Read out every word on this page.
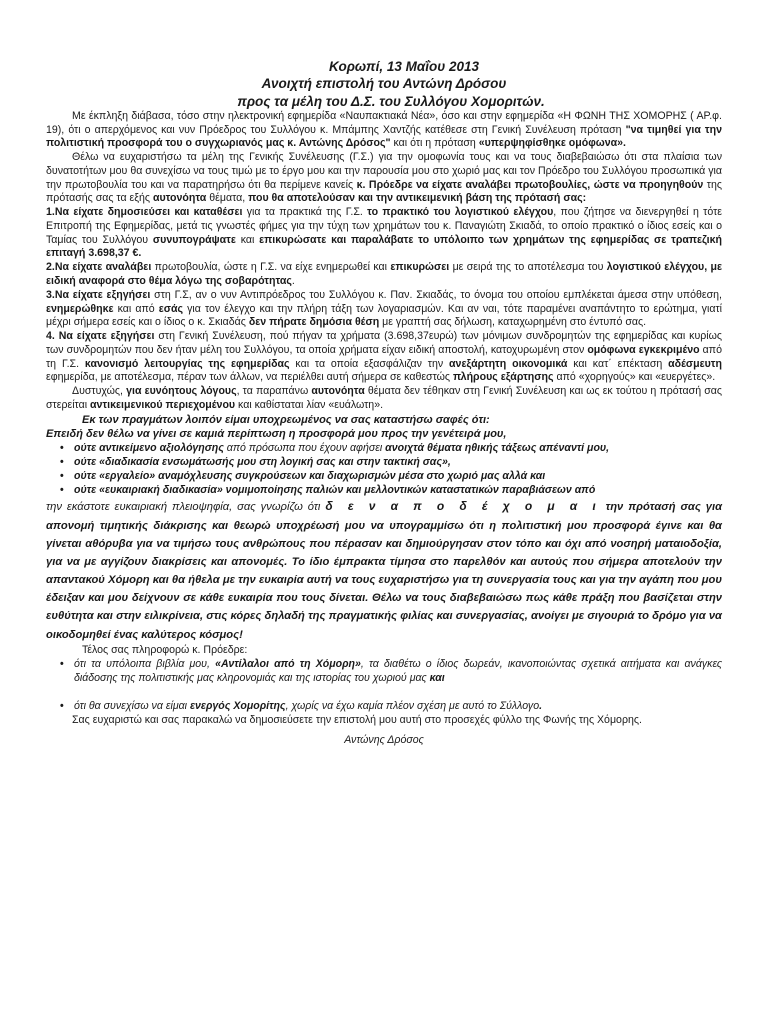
Κορωπί, 13 Μαΐου 2013
Ανοιχτή επιστολή του Αντώνη Δρόσου
προς τα μέλη του Δ.Σ. του Συλλόγου Χομοριτών.

Με έκπληξη διάβασα, τόσο στην ηλεκτρονική εφημερίδα «Ναυπακτιακά Νέα», όσο και στην εφημερίδα «Η ΦΩΝΗ ΤΗΣ ΧΟΜΟΡΗΣ ( ΑΡ.φ. 19), ότι ο απερχόμενος και νυν Πρόεδρος του Συλλόγου κ. Μπάμπης Χαντζής κατέθεσε στη Γενική Συνέλευση πρόταση "να τιμηθεί για την πολιτιστική προσφορά του ο συγχωριανός μας κ. Αντώνης Δρόσος" και ότι η πρόταση «υπερψηφίσθηκε ομόφωνα».

Θέλω να ευχαριστήσω τα μέλη της Γενικής Συνέλευσης (Γ.Σ.) για την ομοφωνία τους και να τους διαβεβαιώσω ότι στα πλαίσια των δυνατοτήτων μου θα συνεχίσω να τους τιμώ με το έργο μου και την παρουσία μου στο χωριό μας και τον Πρόεδρο του Συλλόγου προσωπικά για την πρωτοβουλία του και να παρατηρήσω ότι θα περίμενε κανείς κ. Πρόεδρε να είχατε αναλάβει πρωτοβουλίες, ώστε να προηγηθούν της πρότασής σας τα εξής αυτονόητα θέματα, που θα αποτελούσαν και την αντικειμενική βάση της πρότασή σας:

1.Να είχατε δημοσιεύσει και καταθέσει για τα πρακτικά της Γ.Σ. το πρακτικό του λογιστικού ελέγχου, που ζήτησε να διενεργηθεί η τότε Επιτροπή της Εφημερίδας, μετά τις γνωστές φήμες για την τύχη των χρημάτων του κ. Παναγιώτη Σκιαδά, το οποίο πρακτικό ο ίδιος εσείς και ο Ταμίας του Συλλόγου συνυπογράψατε και επικυρώσατε και παραλάβατε το υπόλοιπο των χρημάτων της εφημερίδας σε τραπεζική επιταγή 3.698,37 €.

2.Να είχατε αναλάβει πρωτοβουλία, ώστε η Γ.Σ. να είχε ενημερωθεί και επικυρώσει με σειρά της το αποτέλεσμα του λογιστικού ελέγχου, με ειδική αναφορά στο θέμα λόγω της σοβαρότητας.

3.Να είχατε εξηγήσει στη Γ.Σ, αν ο νυν Αντιπρόεδρος του Συλλόγου κ. Παν. Σκιαδάς, το όνομα του οποίου εμπλέκεται άμεσα στην υπόθεση, ενημερώθηκε και από εσάς για τον έλεγχο και την πλήρη τάξη των λογαριασμών. Και αν ναι, τότε παραμένει αναπάντητο το ερώτημα, γιατί μέχρι σήμερα εσείς και ο ίδιος ο κ. Σκιαδάς δεν πήρατε δημόσια θέση με γραπτή σας δήλωση, καταχωρημένη στο έντυπό σας.

4. Να είχατε εξηγήσει στη Γενική Συνέλευση, πού πήγαν τα χρήματα (3.698,37ευρώ) των μόνιμων συνδρομητών της εφημερίδας και κυρίως των συνδρομητών που δεν ήταν μέλη του Συλλόγου, τα οποία χρήματα είχαν ειδική αποστολή, κατοχυρωμένη στον ομόφωνα εγκεκριμένο από τη Γ.Σ. κανονισμό λειτουργίας της εφημερίδας και τα οποία εξασφάλιζαν την ανεξάρτητη οικονομικά και κατ΄ επέκταση αδέσμευτη εφημερίδα, με αποτέλεσμα, πέραν των άλλων, να περιέλθει αυτή σήμερα σε καθεστώς πλήρους εξάρτησης από «χορηγούς» και «ευεργέτες».

Δυστυχώς, για ευνόητους λόγους, τα παραπάνω αυτονόητα θέματα δεν τέθηκαν στη Γενική Συνέλευση και ως εκ τούτου η πρότασή σας στερείται αντικειμενικού περιεχομένου και καθίσταται λίαν «ευάλωτη».

Εκ των πραγμάτων λοιπόν είμαι υποχρεωμένος να σας καταστήσω σαφές ότι:

Επειδή δεν θέλω να γίνει σε καμιά περίπτωση η προσφορά μου προς την γενέτειρά μου,

• ούτε αντικείμενο αξιολόγησης από πρόσωπα που έχουν αφήσει ανοιχτά θέματα ηθικής τάξεως απέναντί μου,
• ούτε «διαδικασία ενσωμάτωσής μου στη λογική σας και στην τακτική σας»,
• ούτε «εργαλείο» αναμόχλευσης συγκρούσεων και διαχωρισμών μέσα στο χωριό μας αλλά και
• ούτε «ευκαιριακή διαδικασία» νομιμοποίησης παλιών και μελλοντικών καταστατικών παραβιάσεων από

την εκάστοτε ευκαιριακή πλειοψηφία, σας γνωρίζω ότι δ ε ν α π ο δ έ χ ο μ α ι την πρότασή σας για απονομή τιμητικής διάκρισης και θεωρώ υποχρέωσή μου να υπογραμμίσω ότι η πολιτιστική μου προσφορά έγινε και θα γίνεται αθόρυβα για να τιμήσω τους ανθρώπους που πέρασαν και δημιούργησαν στον τόπο και όχι από νοσηρή ματαιοδοξία, για να με αγγίζουν διακρίσεις και απονομές. Το ίδιο έμπρακτα τίμησα στο παρελθόν και αυτούς που σήμερα αποτελούν την απαντακού Χόμορη και θα ήθελα με την ευκαιρία αυτή να τους ευχαριστήσω για τη συνεργασία τους και για την αγάπη που μου έδειξαν και μου δείχνουν σε κάθε ευκαιρία που τους δίνεται. Θέλω να τους διαβεβαιώσω πως κάθε πράξη που βασίζεται στην ευθύτητα και στην ειλικρίνεια, στις κόρες δηλαδή της πραγματικής φιλίας και συνεργασίας, ανοίγει με σιγουριά το δρόμο για να οικοδομηθεί ένας καλύτερος κόσμος!

Τέλος σας πληροφορώ κ. Πρόεδρε:

• ότι τα υπόλοιπα βιβλία μου, «Αντίλαλοι από τη Χόμορη», τα διαθέτω ο ίδιος δωρεάν, ικανοποιώντας σχετικά αιτήματα και ανάγκες διάδοσης της πολιτιστικής μας κληρονομιάς και της ιστορίας του χωριού μας και
• ότι θα συνεχίσω να είμαι ενεργός Χομορίτης, χωρίς να έχω καμία πλέον σχέση με αυτό το Σύλλογο.

Σας ευχαριστώ και σας παρακαλώ να δημοσιεύσετε την επιστολή μου αυτή στο προσεχές φύλλο της Φωνής της Χόμορης.

Αντώνης Δρόσος
